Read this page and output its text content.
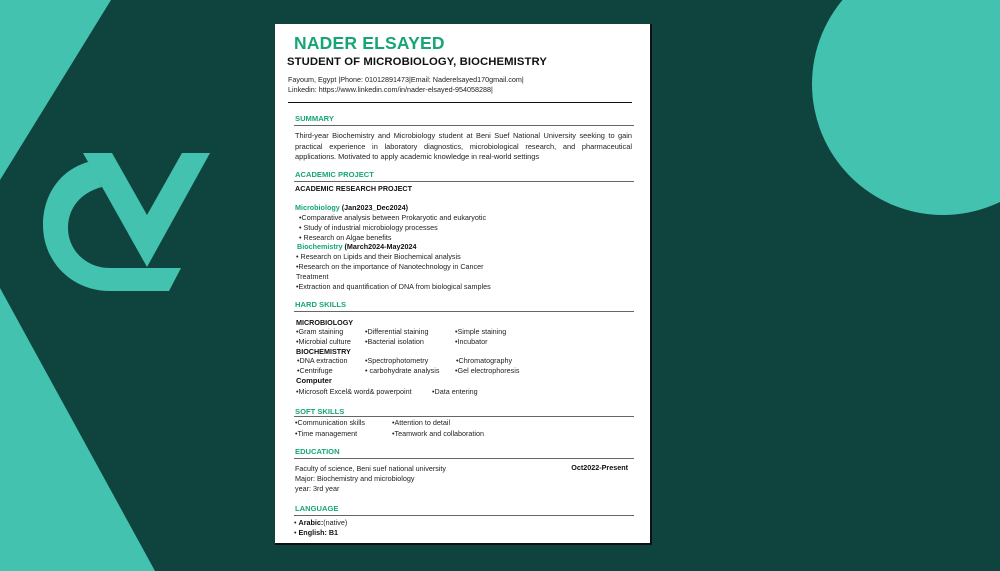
NADER ELSAYED
STUDENT OF MICROBIOLOGY, BIOCHEMISTRY
Fayoum, Egypt |Phone: 01012891473|Email: Naderelsayed170gmail.com|
Linkedin: https://www.linkedin.com/in/nader-elsayed-954058288|
SUMMARY
Third-year Biochemistry and Microbiology student at Beni Suef National University seeking to gain practical experience in laboratory diagnostics, microbiological research, and pharmaceutical applications. Motivated to apply academic knowledge in real-world settings
ACADEMIC PROJECT
ACADEMIC RESEARCH PROJECT
Microbiology (Jan2023_Dec2024)
•Comparative analysis between Prokaryotic and eukaryotic
• Study of industrial microbiology processes
• Research on Algae benefits
Biochemistry (March2024-May2024
• Research on Lipids and their Biochemical analysis
•Research on the importance of Nanotechnology in Cancer
Treatment
•Extraction and quantification of DNA from biological samples
HARD SKILLS
MICROBIOLOGY
•Gram staining	•Differential staining	•Simple staining
•Microbial culture •Bacterial isolation	•Incubator
BIOCHEMISTRY
•DNA extraction •Spectrophotometry	•Chromatography
•Centrifuge	• carbohydrate analysis •Gel electrophoresis
Computer
•Microsoft Excel& word& powerpoint	•Data entering
SOFT SKILLS
•Communication skills	•Attention to detail
•Time management	•Teamwork and collaboration
EDUCATION
Faculty of science, Beni suef national university
Major: Biochemistry and microbiology
year: 3rd year
Oct2022-Present
LANGUAGE
• Arabic:(native)
• English: B1
